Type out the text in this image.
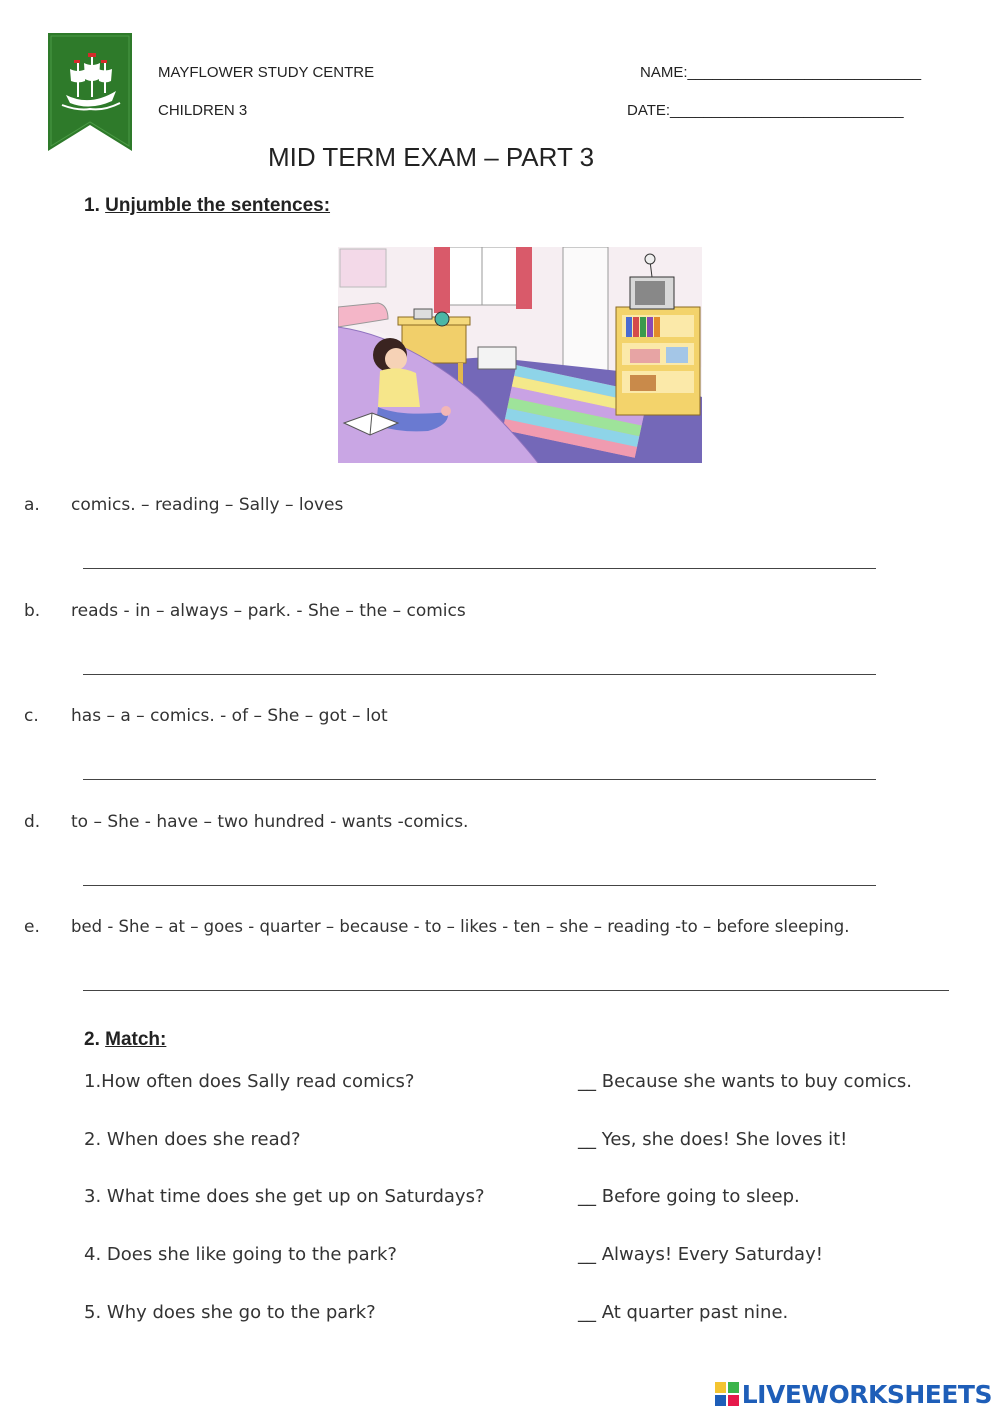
MAYFLOWER STUDY CENTRE
CHILDREN 3
NAME:____________________________
DATE:____________________________
MID TERM EXAM – PART 3
1. Unjumble the sentences:
a. comics. – reading – Sally – loves
b. reads - in – always – park. - She – the – comics
c. has – a – comics. - of – She – got – lot
d. to – She - have – two hundred - wants -comics.
e. bed - She – at – goes - quarter – because - to – likes - ten – she – reading -to – before sleeping.
2. Match:
1.How often does Sally read comics?
2. When does she read?
3. What time does she get up on Saturdays?
4. Does she like going to the park?
5. Why does she go to the park?
__ Because she wants to buy comics.
__ Yes, she does! She loves it!
__ Before going to sleep.
__ Always! Every Saturday!
__ At quarter past nine.
LIVEWORKSHEETS
